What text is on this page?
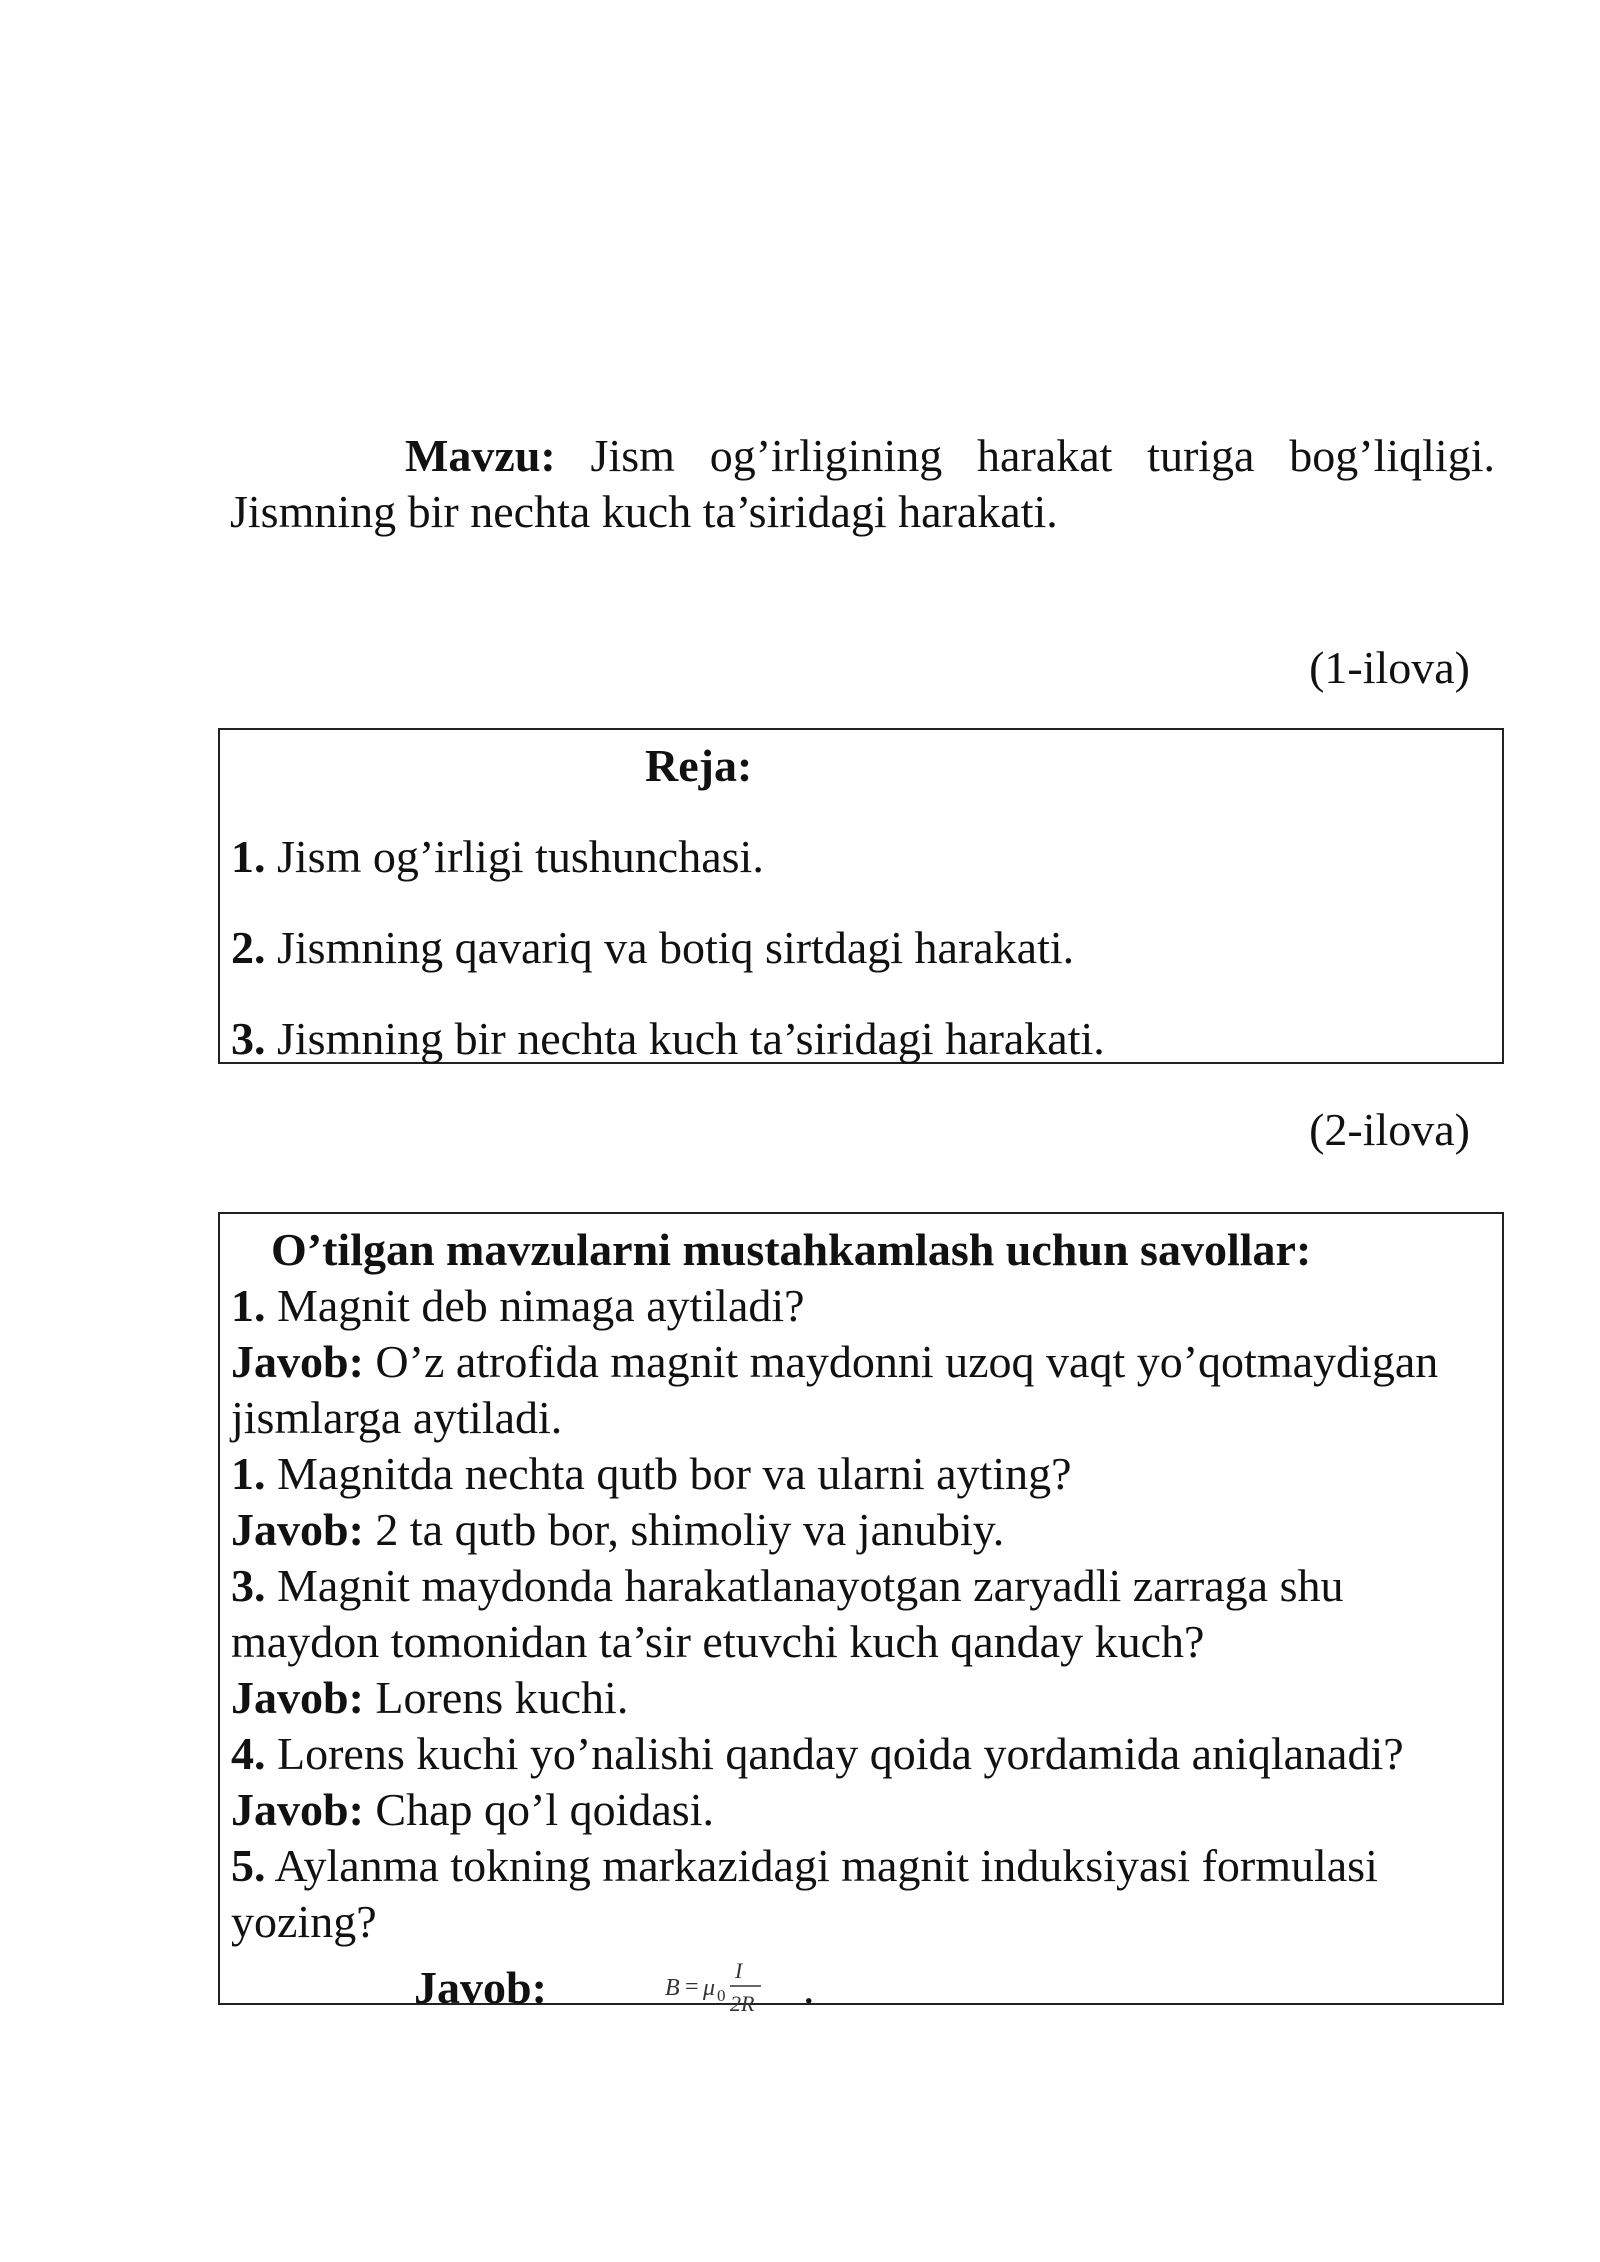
Mavzu: Jism og’irligining harakat turiga bog’liqligi. Jismning bir nechta kuch ta’siridagi harakati.
(1-ilova)
Reja:
1. Jism og’irligi tushunchasi.
2. Jismning qavariq va botiq sirtdagi harakati.
3. Jismning bir nechta kuch ta’siridagi harakati.
(2-ilova)
O’tilgan mavzularni mustahkamlash uchun savollar:
1. Magnit deb nimaga aytiladi?
Javob: O’z atrofida magnit maydonni uzoq vaqt yo’qotmaydigan jismlarga aytiladi.
1. Magnitda nechta qutb bor va ularni ayting?
Javob: 2 ta qutb bor, shimoliy va janubiy.
3. Magnit maydonda harakatlanayotgan zaryadli zarraga shu maydon tomonidan ta’sir etuvchi kuch qanday kuch?
Javob: Lorens kuchi.
4. Lorens kuchi yo’nalishi qanday qoida yordamida aniqlanadi?
Javob: Chap qo’l qoidasi.
5. Aylanma tokning markazidagi magnit induksiyasi formulasi yozing?
Javob:	B = μ 0
I
2R .
